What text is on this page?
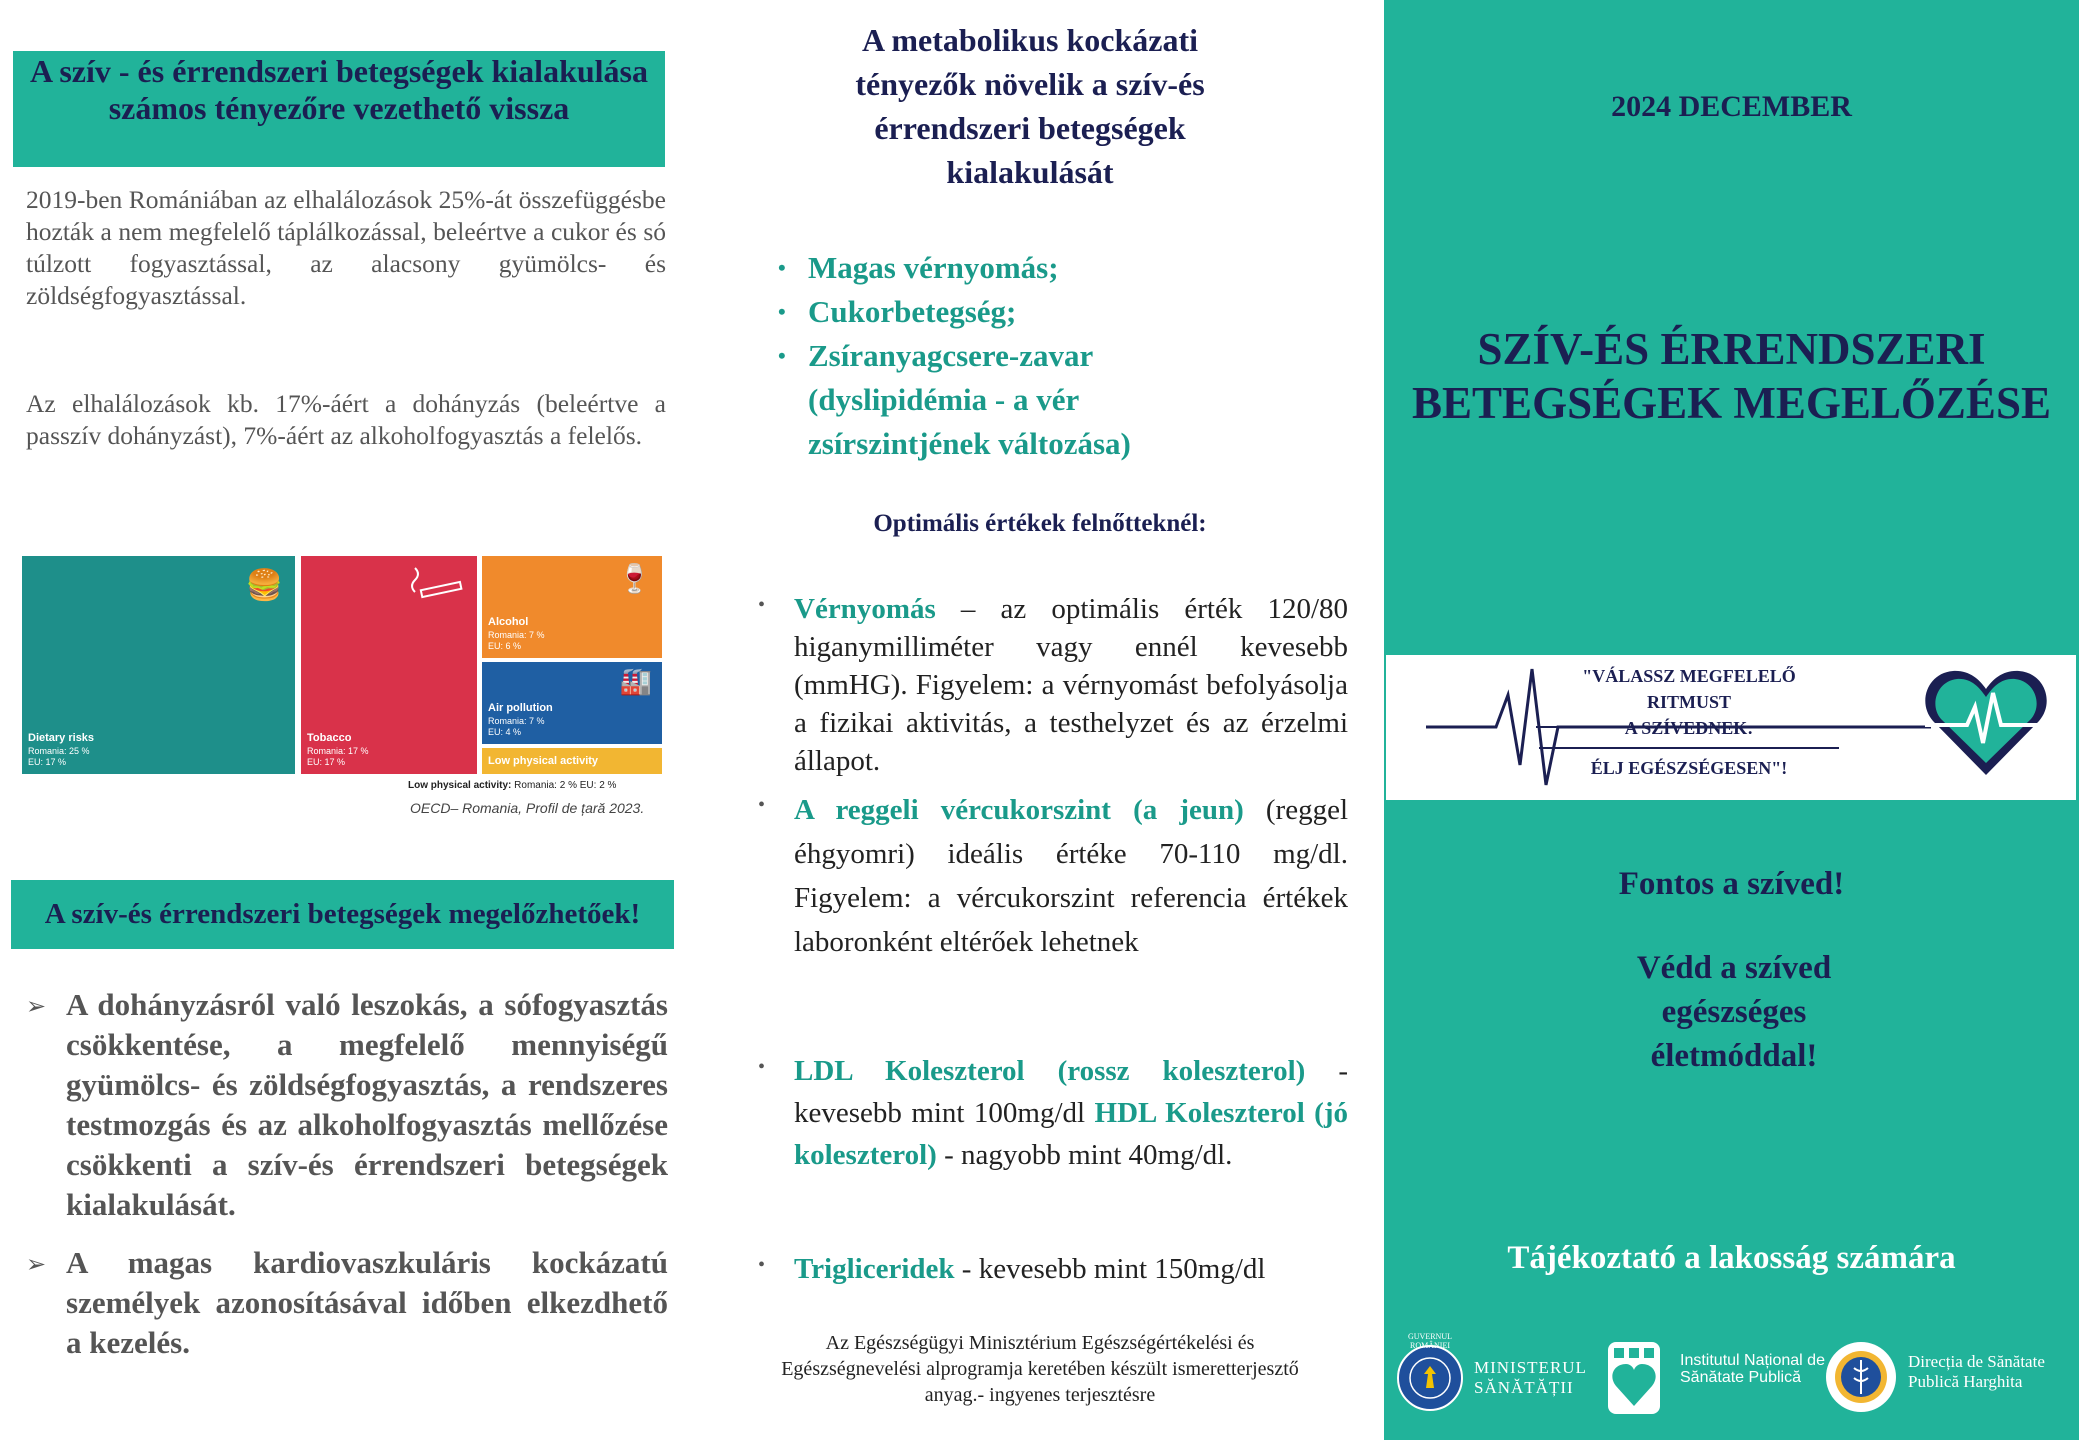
A szív - és érrendszeri betegségek kialakulása számos tényezőre vezethető vissza
2019-ben Romániában az elhalálozások 25%-át összefüggésbe hozták a nem megfelelő táplálkozással, beleértve a cukor és só túlzott fogyasztással, az alacsony gyümölcs- és zöldségfogyasztással.
Az elhalálozások kb. 17%-áért a dohányzás (beleértve a passzív dohányzást), 7%-áért az alkoholfogyasztás a felelős.
🍔
Dietary risks
Romania: 25 %
EU: 17 %
Tobacco
Romania: 17 %
EU: 17 %
🍷
Alcohol
Romania: 7 %
EU: 6 %
🏭
Air pollution
Romania: 7 %
EU: 4 %
Low physical activity
Low physical activity: Romania: 2 % EU: 2 %
OECD– Romania, Profil de țară 2023.
A szív-és érrendszeri betegségek megelőzhetőek!
➢ A dohányzásról való leszokás, a sófogyasztás csökkentése, a megfelelő mennyiségű gyümölcs- és zöldségfogyasztás, a rendszeres testmozgás és az alkoholfogyasztás mellőzése csökkenti a szív-és érrendszeri betegségek kialakulását.
➢ A magas kardiovaszkuláris kockázatú személyek azonosításával időben elkezdhető a kezelés.
A metabolikus kockázati tényezők növelik a szív-és érrendszeri betegségek kialakulását
• Magas vérnyomás;
• Cukorbetegség;
• Zsíranyagcsere-zavar (dyslipidémia - a vér zsírszintjének változása)
Optimális értékek felnőtteknél:
• Vérnyomás – az optimális érték 120/80 higanymilliméter vagy ennél kevesebb (mmHG). Figyelem: a vérnyomást befolyásolja a fizikai aktivitás, a testhelyzet és az érzelmi állapot.
• A reggeli vércukorszint (a jeun) (reggel éhgyomri) ideális értéke 70-110 mg/dl. Figyelem: a vércukorszint referencia értékek laboronként eltérőek lehetnek
• LDL Koleszterol (rossz koleszterol) - kevesebb mint 100mg/dl HDL Koleszterol (jó koleszterol) - nagyobb mint 40mg/dl.
• Trigliceridek - kevesebb mint 150mg/dl
Az Egészségügyi Minisztérium Egészségértékelési és Egészségnevelési alprogramja keretében készült ismeretterjesztő anyag.- ingyenes terjesztésre
2024 DECEMBER
SZÍV-ÉS ÉRRENDSZERI BETEGSÉGEK MEGELŐZÉSE
"VÁLASSZ MEGFELELŐ RITMUST
A SZÍVEDNEK:
ÉLJ EGÉSZSÉGESEN"!
Fontos a szíved!
Védd a szíved egészséges életmóddal!
Tájékoztató a lakosság számára
GUVERNUL ROMÂNIEI
MINISTERUL SĂNĂTĂȚII
Institutul Național de Sănătate Publică
Direcția de Sănătate Publică Harghita
